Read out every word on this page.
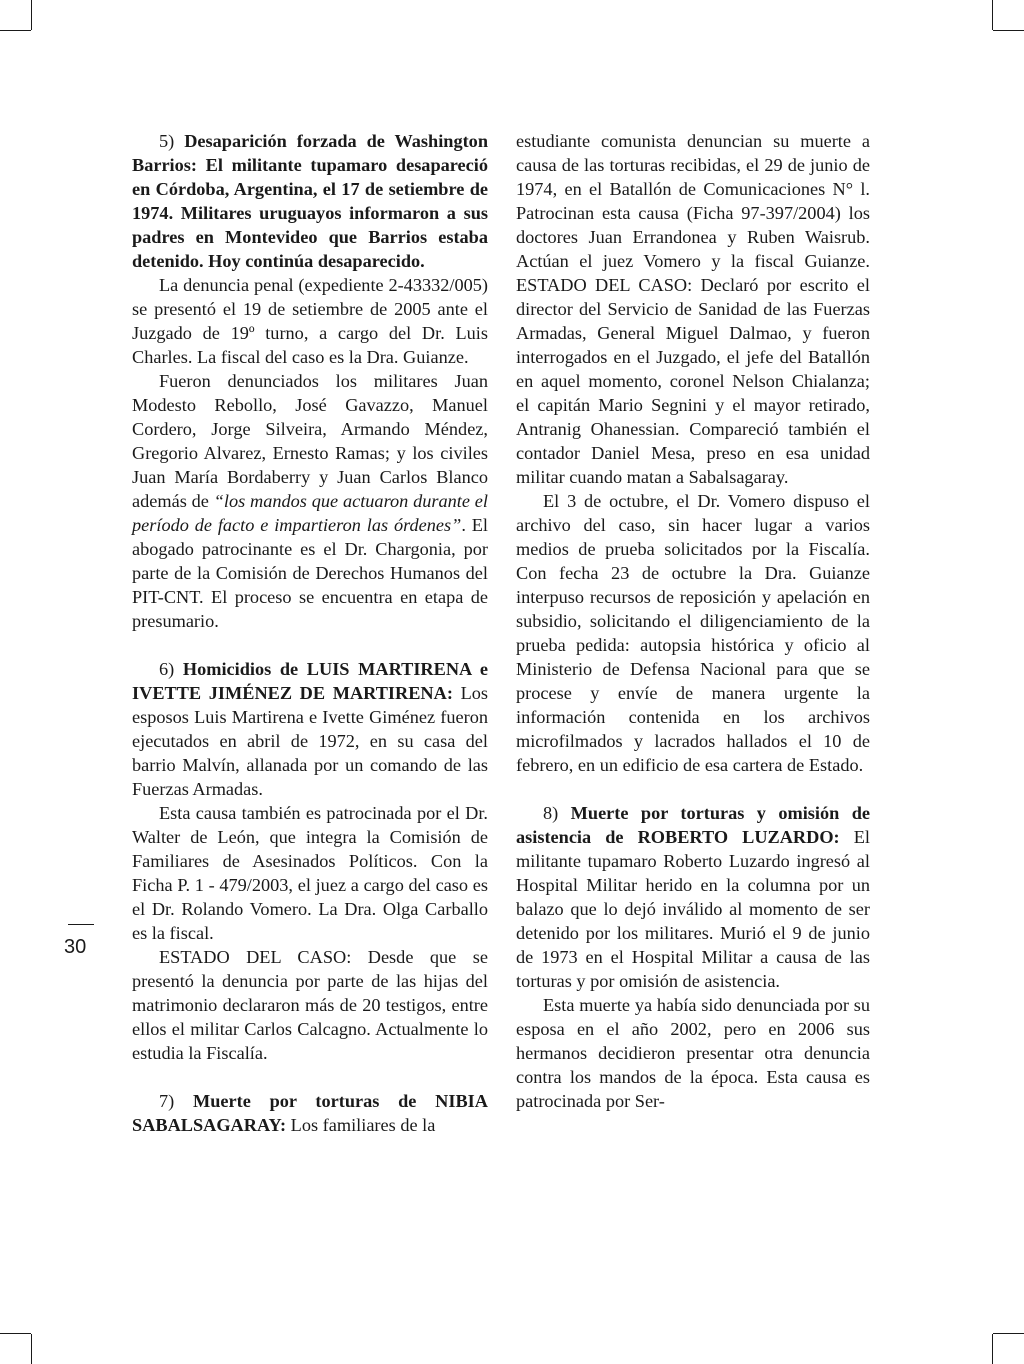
30

5) Desaparición forzada de Washington Barrios: El militante tupamaro desapareció en Córdoba, Argentina, el 17 de setiembre de 1974. Militares uruguayos informaron a sus padres en Montevideo que Barrios estaba detenido. Hoy continúa desaparecido.

La denuncia penal (expediente 2-43332/005) se presentó el 19 de setiembre de 2005 ante el Juzgado de 19º turno, a cargo del Dr. Luis Charles. La fiscal del caso es la Dra. Guianze.

Fueron denunciados los militares Juan Modesto Rebollo, José Gavazzo, Manuel Cordero, Jorge Silveira, Armando Méndez, Gregorio Alvarez, Ernesto Ramas; y los civiles Juan María Bordaberry y Juan Carlos Blanco además de “los mandos que actuaron durante el período de facto e impartieron las órdenes”. El abogado patrocinante es el Dr. Chargonia, por parte de la Comisión de Derechos Humanos del PIT-CNT. El proceso se encuentra en etapa de presumario.

6) Homicidios de LUIS MARTIRENA e IVETTE JIMÉNEZ DE MARTIRENA: Los esposos Luis Martirena e Ivette Giménez fueron ejecutados en abril de 1972, en su casa del barrio Malvín, allanada por un comando de las Fuerzas Armadas.

Esta causa también es patrocinada por el Dr. Walter de León, que integra la Comisión de Familiares de Asesinados Políticos. Con la Ficha P. 1 - 479/2003, el juez a cargo del caso es el Dr. Rolando Vomero. La Dra. Olga Carballo es la fiscal.

ESTADO DEL CASO: Desde que se presentó la denuncia por parte de las hijas del matrimonio declararon más de 20 testigos, entre ellos el militar Carlos Calcagno. Actualmente lo estudia la Fiscalía.

7) Muerte por torturas de NIBIA SABALSAGARAY: Los familiares de la

estudiante comunista denuncian su muerte a causa de las torturas recibidas, el 29 de junio de 1974, en el Batallón de Comunicaciones N° l. Patrocinan esta causa (Ficha 97-397/2004) los doctores Juan Errandonea y Ruben Waisrub. Actúan el juez Vomero y la fiscal Guianze. ESTADO DEL CASO: Declaró por escrito el director del Servicio de Sanidad de las Fuerzas Armadas, General Miguel Dalmao, y fueron interrogados en el Juzgado, el jefe del Batallón en aquel momento, coronel Nelson Chialanza; el capitán Mario Segnini y el mayor retirado, Antranig Ohanessian. Compareció también el contador Daniel Mesa, preso en esa unidad militar cuando matan a Sabalsagaray.

El 3 de octubre, el Dr. Vomero dispuso el archivo del caso, sin hacer lugar a varios medios de prueba solicitados por la Fiscalía. Con fecha 23 de octubre la Dra. Guianze interpuso recursos de reposición y apelación en subsidio, solicitando el diligenciamiento de la prueba pedida: autopsia histórica y oficio al Ministerio de Defensa Nacional para que se procese y envíe de manera urgente la información contenida en los archivos microfilmados y lacrados hallados el 10 de febrero, en un edificio de esa cartera de Estado.

8) Muerte por torturas y omisión de asistencia de ROBERTO LUZARDO: El militante tupamaro Roberto Luzardo ingresó al Hospital Militar herido en la columna por un balazo que lo dejó inválido al momento de ser detenido por los militares. Murió el 9 de junio de 1973 en el Hospital Militar a causa de las torturas y por omisión de asistencia.

Esta muerte ya había sido denunciada por su esposa en el año 2002, pero en 2006 sus hermanos decidieron presentar otra denuncia contra los mandos de la época. Esta causa es patrocinada por Ser-
